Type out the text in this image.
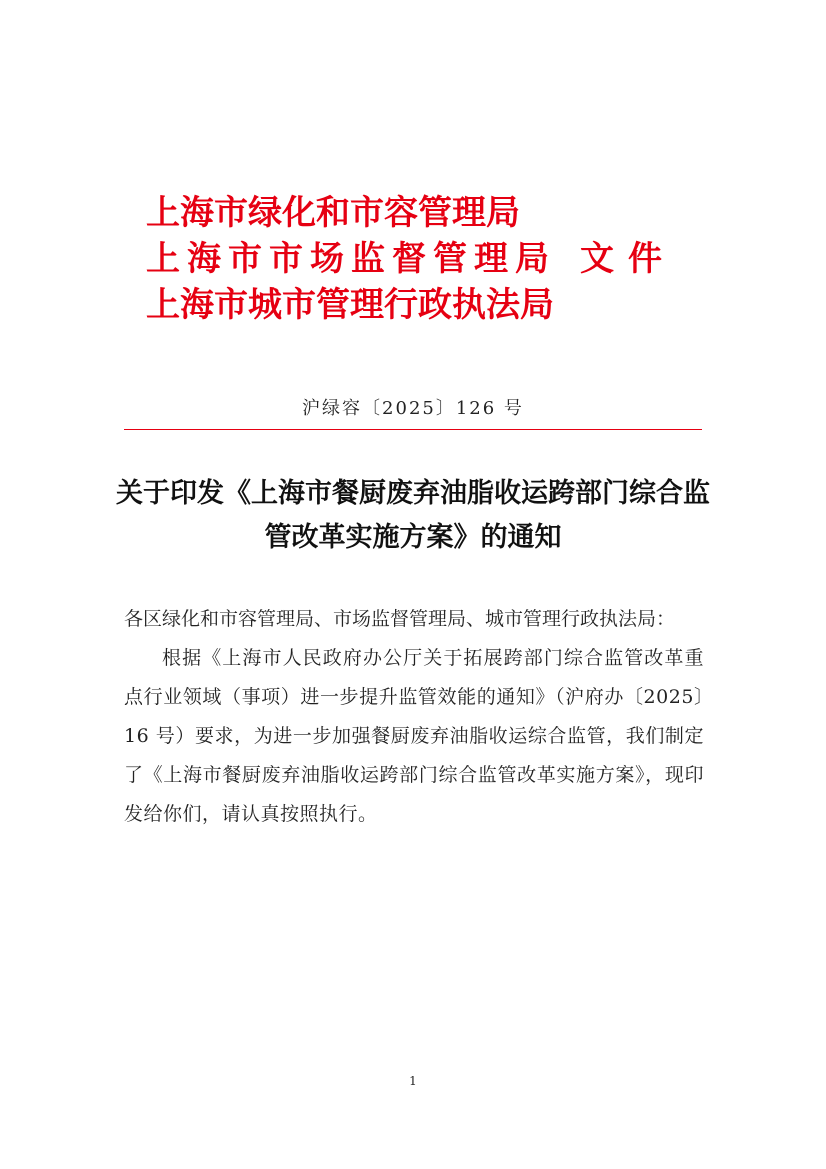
上海市绿化和市容管理局
上海市市场监督管理局 文件
上海市城市管理行政执法局
沪绿容〔2025〕126 号
关于印发《上海市餐厨废弃油脂收运跨部门综合监管改革实施方案》的通知

各区绿化和市容管理局、市场监督管理局、城市管理行政执法局：

根据《上海市人民政府办公厅关于拓展跨部门综合监管改革重点行业领域（事项）进一步提升监管效能的通知》（沪府办〔2025〕16 号）要求，为进一步加强餐厨废弃油脂收运综合监管，我们制定了《上海市餐厨废弃油脂收运跨部门综合监管改革实施方案》，现印发给你们，请认真按照执行。

1
